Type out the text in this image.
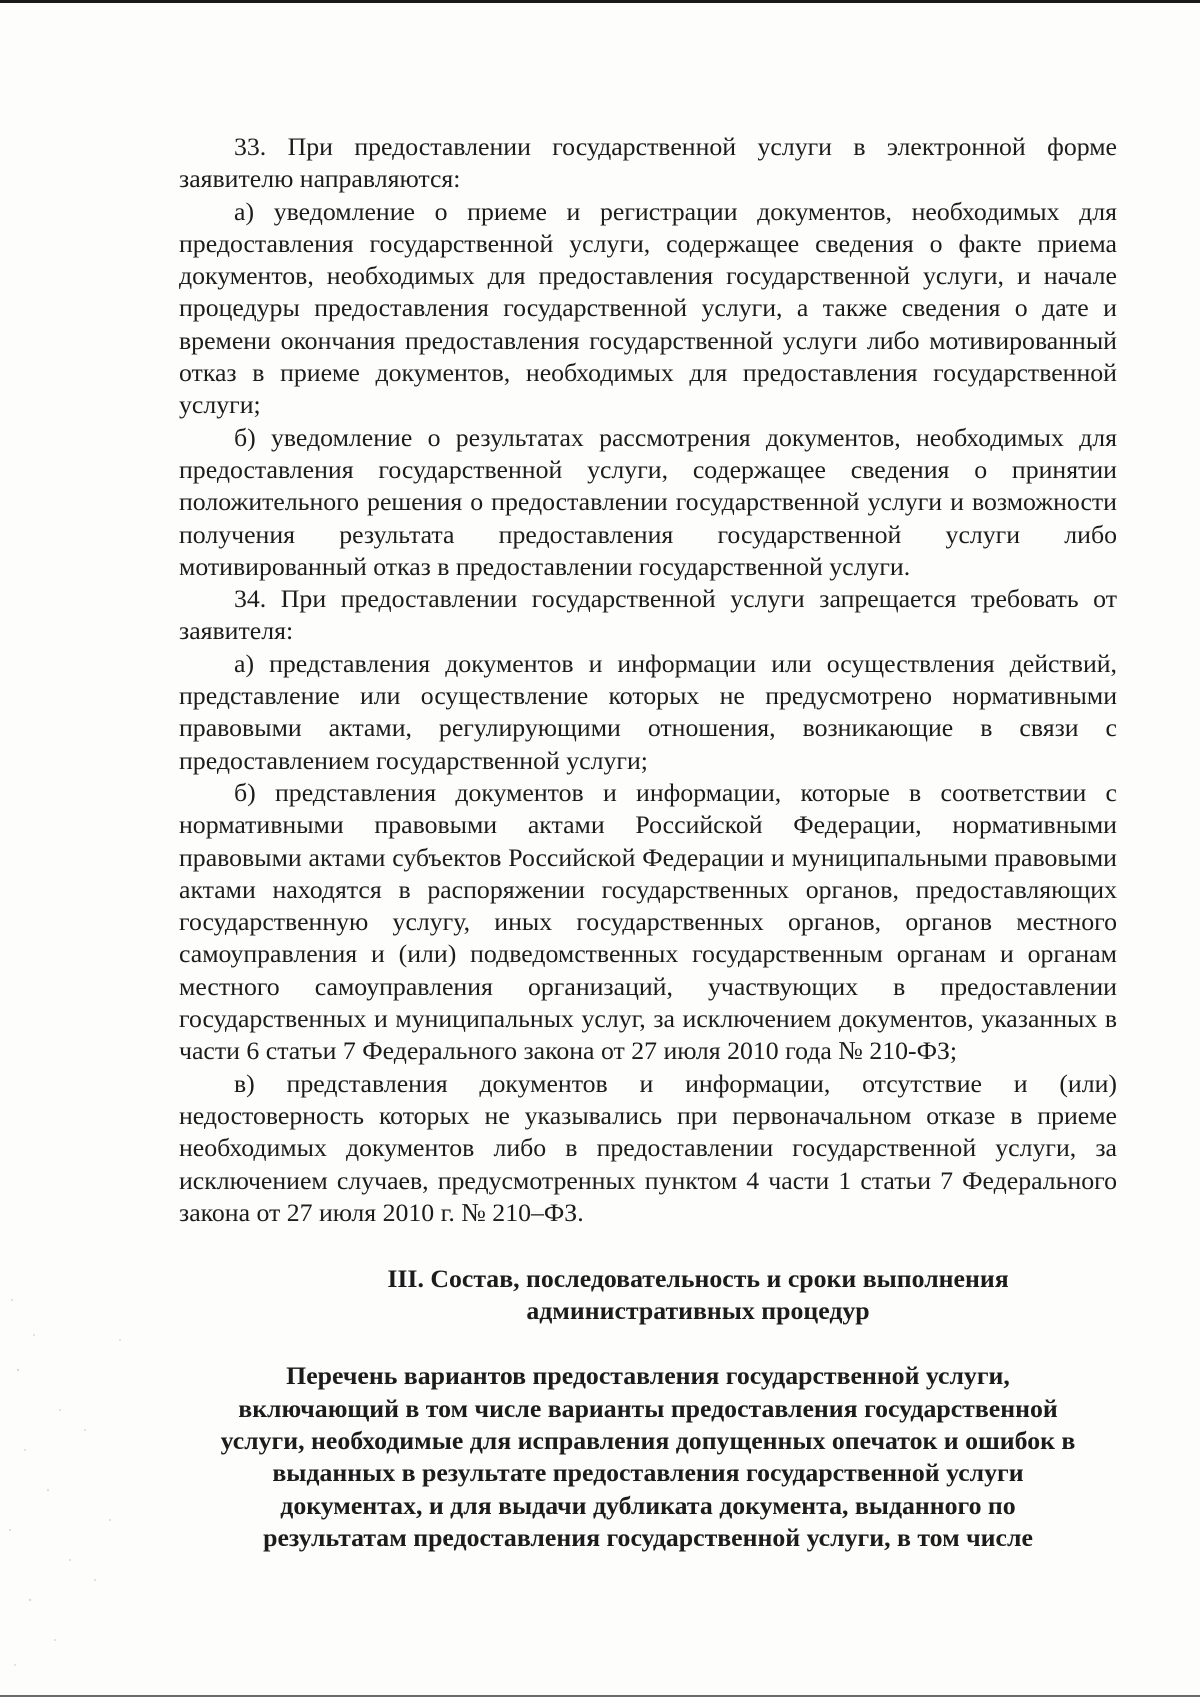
33. При предоставлении государственной услуги в электронной форме заявителю направляются:

а) уведомление о приеме и регистрации документов, необходимых для предоставления государственной услуги, содержащее сведения о факте приема документов, необходимых для предоставления государственной услуги, и начале процедуры предоставления государственной услуги, а также сведения о дате и времени окончания предоставления государственной услуги либо мотивированный отказ в приеме документов, необходимых для предоставления государственной услуги;

б) уведомление о результатах рассмотрения документов, необходимых для предоставления государственной услуги, содержащее сведения о принятии положительного решения о предоставлении государственной услуги и возможности получения результата предоставления государственной услуги либо мотивированный отказ в предоставлении государственной услуги.

34. При предоставлении государственной услуги запрещается требовать от заявителя:

а) представления документов и информации или осуществления действий, представление или осуществление которых не предусмотрено нормативными правовыми актами, регулирующими отношения, возникающие в связи с предоставлением государственной услуги;

б) представления документов и информации, которые в соответствии с нормативными правовыми актами Российской Федерации, нормативными правовыми актами субъектов Российской Федерации и муниципальными правовыми актами находятся в распоряжении государственных органов, предоставляющих государственную услугу, иных государственных органов, органов местного самоуправления и (или) подведомственных государственным органам и органам местного самоуправления организаций, участвующих в предоставлении государственных и муниципальных услуг, за исключением документов, указанных в части 6 статьи 7 Федерального закона от 27 июля 2010 года № 210-ФЗ;

в) представления документов и информации, отсутствие и (или) недостоверность которых не указывались при первоначальном отказе в приеме необходимых документов либо в предоставлении государственной услуги, за исключением случаев, предусмотренных пунктом 4 части 1 статьи 7 Федерального закона от 27 июля 2010 г. № 210–ФЗ.

III. Состав, последовательность и сроки выполнения
административных процедур
Перечень вариантов предоставления государственной услуги,
включающий в том числе варианты предоставления государственной
услуги, необходимые для исправления допущенных опечаток и ошибок в
выданных в результате предоставления государственной услуги
документах, и для выдачи дубликата документа, выданного по
результатам предоставления государственной услуги, в том числе
